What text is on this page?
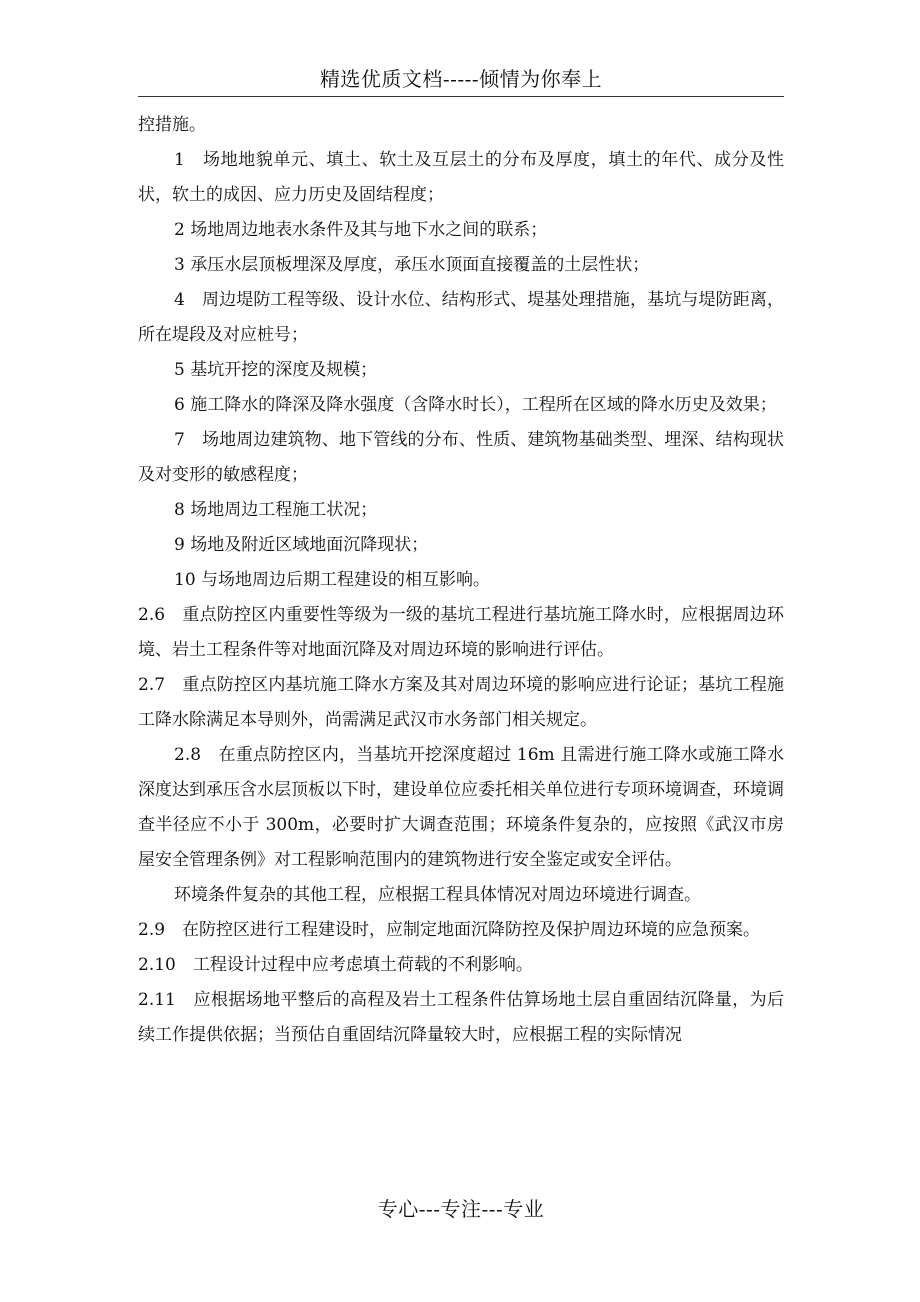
精选优质文档-----倾情为你奉上

控措施。

1　场地地貌单元、填土、软土及互层土的分布及厚度，填土的年代、成分及性状，软土的成因、应力历史及固结程度；

2 场地周边地表水条件及其与地下水之间的联系；

3 承压水层顶板埋深及厚度，承压水顶面直接覆盖的土层性状；

4　周边堤防工程等级、设计水位、结构形式、堤基处理措施，基坑与堤防距离，所在堤段及对应桩号；

5 基坑开挖的深度及规模；

6 施工降水的降深及降水强度（含降水时长），工程所在区域的降水历史及效果；

7　场地周边建筑物、地下管线的分布、性质、建筑物基础类型、埋深、结构现状及对变形的敏感程度；

8 场地周边工程施工状况；

9 场地及附近区域地面沉降现状；

10 与场地周边后期工程建设的相互影响。

2.6　重点防控区内重要性等级为一级的基坑工程进行基坑施工降水时，应根据周边环境、岩土工程条件等对地面沉降及对周边环境的影响进行评估。

2.7　重点防控区内基坑施工降水方案及其对周边环境的影响应进行论证；基坑工程施工降水除满足本导则外，尚需满足武汉市水务部门相关规定。

2.8　在重点防控区内，当基坑开挖深度超过 16m 且需进行施工降水或施工降水深度达到承压含水层顶板以下时，建设单位应委托相关单位进行专项环境调查，环境调查半径应不小于 300m，必要时扩大调查范围；环境条件复杂的，应按照《武汉市房屋安全管理条例》对工程影响范围内的建筑物进行安全鉴定或安全评估。

环境条件复杂的其他工程，应根据工程具体情况对周边环境进行调查。

2.9　在防控区进行工程建设时，应制定地面沉降防控及保护周边环境的应急预案。

2.10　工程设计过程中应考虑填土荷载的不利影响。

2.11　应根据场地平整后的高程及岩土工程条件估算场地土层自重固结沉降量，为后续工作提供依据；当预估自重固结沉降量较大时，应根据工程的实际情况

专心---专注---专业
